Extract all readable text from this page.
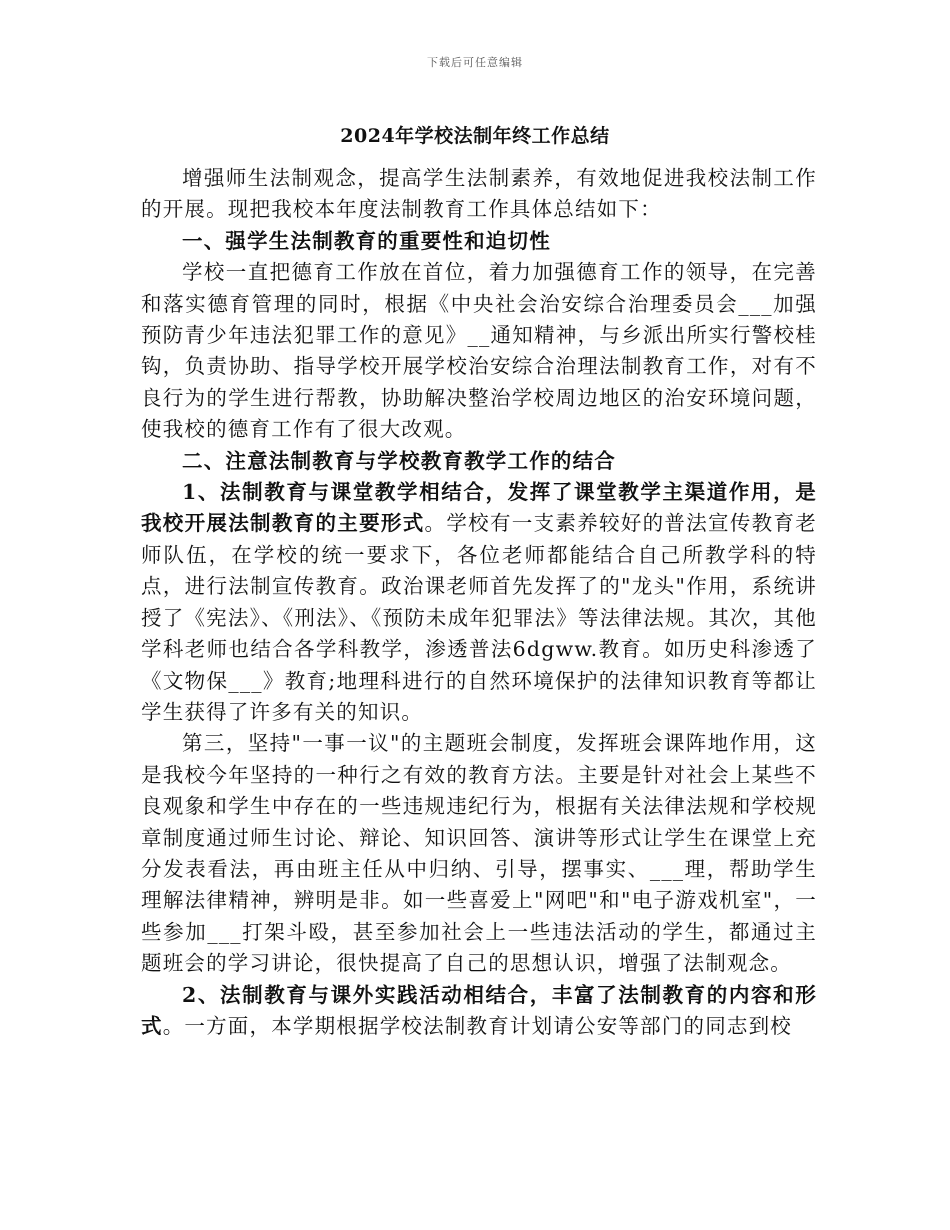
下载后可任意编辑
2024年学校法制年终工作总结

增强师生法制观念，提高学生法制素养，有效地促进我校法制工作的开展。现把我校本年度法制教育工作具体总结如下：

一、强学生法制教育的重要性和迫切性

学校一直把德育工作放在首位，着力加强德育工作的领导，在完善和落实德育管理的同时，根据《中央社会治安综合治理委员会___加强预防青少年违法犯罪工作的意见》__通知精神，与乡派出所实行警校桂钩，负责协助、指导学校开展学校治安综合治理法制教育工作，对有不良行为的学生进行帮教，协助解决整治学校周边地区的治安环境问题，使我校的德育工作有了很大改观。

二、注意法制教育与学校教育教学工作的结合

1、法制教育与课堂教学相结合，发挥了课堂教学主渠道作用，是我校开展法制教育的主要形式。学校有一支素养较好的普法宣传教育老师队伍，在学校的统一要求下，各位老师都能结合自己所教学科的特点，进行法制宣传教育。政治课老师首先发挥了的"龙头"作用，系统讲授了《宪法》、《刑法》、《预防未成年犯罪法》等法律法规。其次，其他学科老师也结合各学科教学，渗透普法6dgww.教育。如历史科渗透了《文物保___》教育;地理科进行的自然环境保护的法律知识教育等都让学生获得了许多有关的知识。

第三，坚持"一事一议"的主题班会制度，发挥班会课阵地作用，这是我校今年坚持的一种行之有效的教育方法。主要是针对社会上某些不良观象和学生中存在的一些违规违纪行为，根据有关法律法规和学校规章制度通过师生讨论、辩论、知识回答、演讲等形式让学生在课堂上充分发表看法，再由班主任从中归纳、引导，摆事实、___理，帮助学生理解法律精神，辨明是非。如一些喜爱上"网吧"和"电子游戏机室"，一些参加___打架斗殴，甚至参加社会上一些违法活动的学生，都通过主题班会的学习讲论，很快提高了自己的思想认识，增强了法制观念。

2、法制教育与课外实践活动相结合，丰富了法制教育的内容和形式。一方面，本学期根据学校法制教育计划请公安等部门的同志到校
